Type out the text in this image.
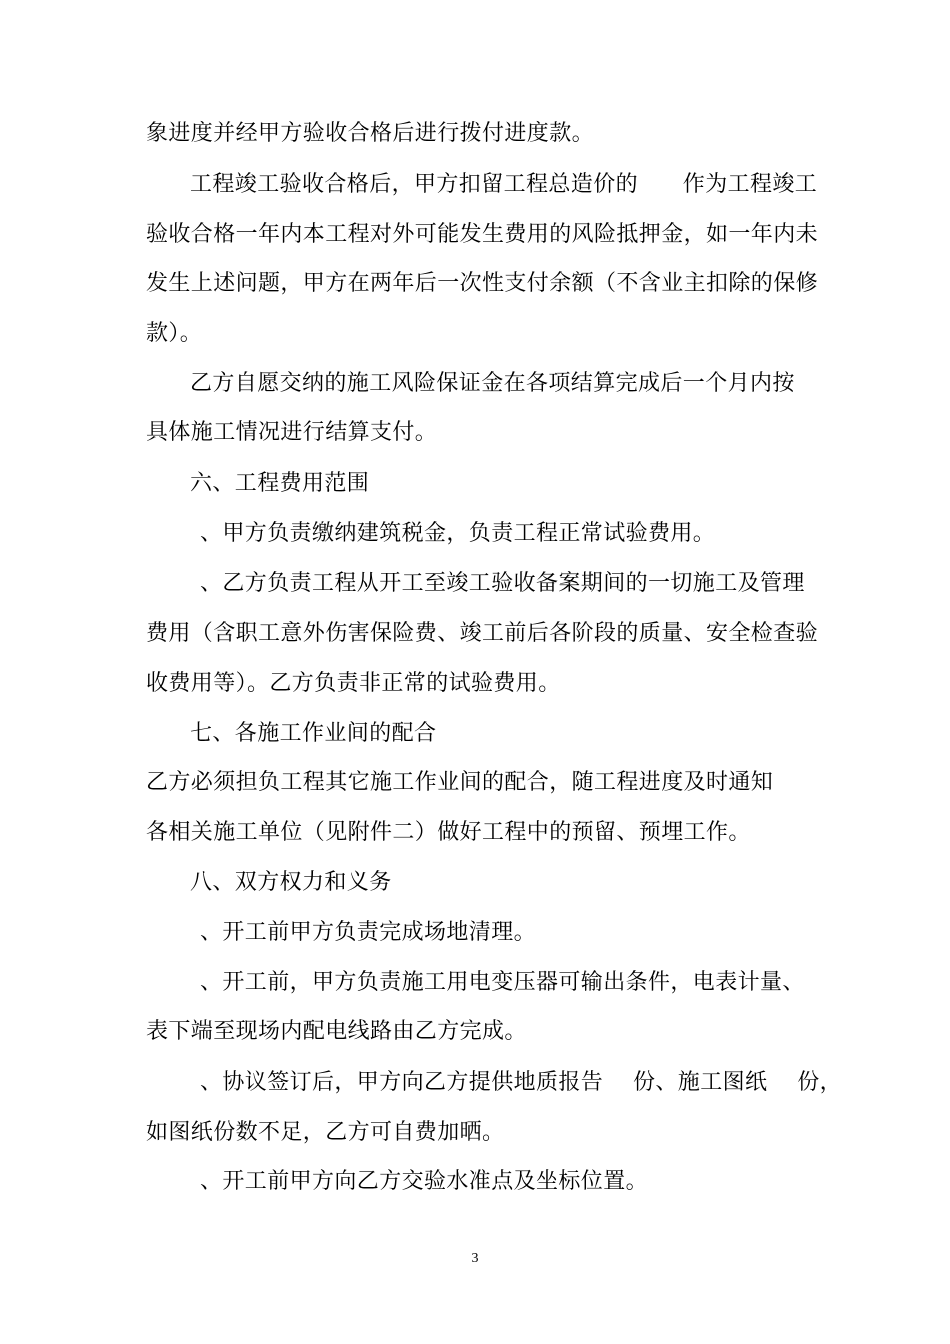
象进度并经甲方验收合格后进行拨付进度款。
工程竣工验收合格后，甲方扣留工程总造价的　　作为工程竣工
验收合格一年内本工程对外可能发生费用的风险抵押金，如一年内未
发生上述问题，甲方在两年后一次性支付余额（不含业主扣除的保修
款）。
乙方自愿交纳的施工风险保证金在各项结算完成后一个月内按
具体施工情况进行结算支付。
六、工程费用范围
、甲方负责缴纳建筑税金，负责工程正常试验费用。
、乙方负责工程从开工至竣工验收备案期间的一切施工及管理
费用（含职工意外伤害保险费、竣工前后各阶段的质量、安全检查验
收费用等）。乙方负责非正常的试验费用。
七、各施工作业间的配合
乙方必须担负工程其它施工作业间的配合，随工程进度及时通知
各相关施工单位（见附件二）做好工程中的预留、预埋工作。
八、双方权力和义务
、开工前甲方负责完成场地清理。
、开工前，甲方负责施工用电变压器可输出条件，电表计量、
表下端至现场内配电线路由乙方完成。
、协议签订后，甲方向乙方提供地质报告　 份、施工图纸　 份，
如图纸份数不足，乙方可自费加晒。
、开工前甲方向乙方交验水准点及坐标位置。
3
